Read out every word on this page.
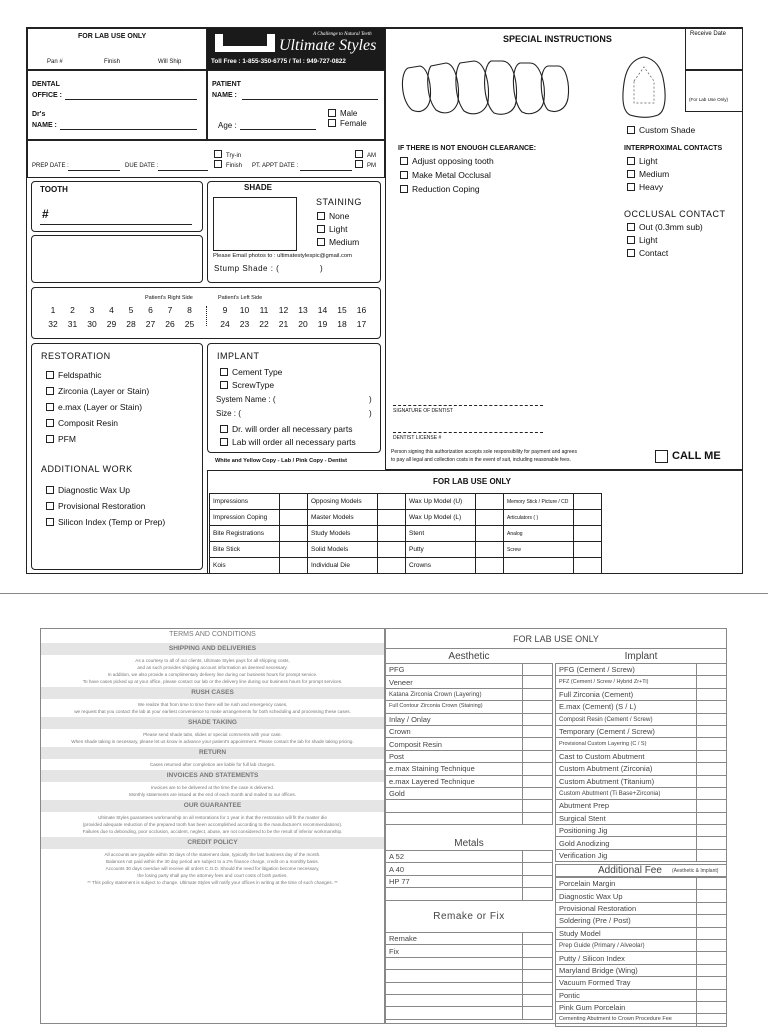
FOR LAB USE ONLY
Pan #	Finish	Will Ship
A Challenge to Natural Teeth
Ultimate Styles
Toll Free : 1-855-350-6775 / Tel : 949-727-0822
DENTAL
OFFICE :
Dr's
NAME :
PATIENT
NAME :
Male
Female
Age :
PREP DATE :	DUE DATE :
Try-in
Finish PT. APPT DATE :
AM
PM
TOOTH
#
SHADE
STAINING
None
Light
Medium
Please Email photos to : ultimatestylespic@gmail.com
Stump Shade : (	)
Patient's Right Side	Patient's Left Side
1	2	3	4	5	6	7	8	9	10	11	12	13	14	15	16
32	31	30	29	28	27	26	25	24	23	22	21	20	19	18	17
RESTORATION
Feldspathic
Zirconia (Layer or Stain)
e.max (Layer or Stain)
Composit Resin
PFM
ADDITIONAL WORK
Diagnostic Wax Up
Provisional Restoration
Silicon Index (Temp or Prep)
IMPLANT
Cement Type
ScrewType
System Name : (	)
Size : (	)
Dr. will order all necessary parts
Lab will order all necessary parts
White and Yellow Copy - Lab / Pink Copy - Dentist
FOR LAB USE ONLY
Impressions		Opposing Models		Wax Up Model (U)		Memory Stick / Picture / CD	
Impression Coping		Master Models		Wax Up Model (L)		Articulators ( )	
Bite Registrations		Study Models		Stent		Analog	
Bite Stick		Solid Models		Putty		Screw	
Kois		Individual Die		Crowns			
SPECIAL INSTRUCTIONS	Receive Date
(For Lab Use Only)
Custom Shade
IF THERE IS NOT ENOUGH CLEARANCE:
Adjust opposing tooth
Make Metal Occlusal
Reduction Coping
INTERPROXIMAL CONTACTS
Light
Medium
Heavy
OCCLUSAL CONTACT
Out (0.3mm sub)
Light
Contact
SIGNATURE OF DENTIST
DENTIST LICENSE #
Person signing this authorization accepts sole responsibility for payment and agrees
to pay all legal and collection costs in the event of suit, including reasonable fees.	CALL ME
TERMS AND CONDITIONS
SHIPPING AND DELIVERIES

As a courtesy to all of our clients, Ultimate Styles pays for all shipping costs,

and as such provides shipping account information as deemed necessary.

In addition, we also provide a complimentary delivery line during our business hours for prompt service.

To have cases picked up at your office, please contact our lab or the delivery line during our business hours for prompt services.

RUSH CASES

We realize that from time to time there will be rush and emergency cases,

we request that you contact the lab at your earliest convenience to make arrangements for both scheduling and processing these cases.

SHADE TAKING

Please send shade tabs, slides or special comments with your case.

When shade taking is necessary, please let us know in advance your patient's appointment. Please contact the lab for shade taking pricing.

RETURN

Cases returned after completion are liable for full lab charges.

INVOICES AND STATEMENTS

Invoices are to be delivered at the time the case is delivered.

Monthly statements are issued at the end of each month and mailed to our offices.

OUR GUARANTEE

Ultimate Styles guarantees workmanship on all restorations for 1 year in that the restoration will fit the master die

(provided adequate reduction of the prepared tooth has been accomplished according to the manufacturer's recommendations).

Failures due to debonding, poor occlusion, accident, neglect, abuse, are not considered to be the result of inferior workmanship.

CREDIT POLICY

All accounts are payable within 30 days of the statement date, typically the last business day of the month.

Balances not paid within the 30 day period are subject to a 2% finance charge, credit on a monthly basis.

Accounts 30 days overdue will receive all orders C.O.D. Should the need for litigation become necessary,

the losing party shall pay the attorney fees and court costs of both parties.

** This policy statement is subject to change. Ultimate Styles will notify your offices in writing at the time of such changes. **

FOR LAB USE ONLY
Aesthetic
PFG	
Veneer	
Katana Zirconia Crown (Layering)	
Full Contour Zirconia Crown (Staining)	
Inlay / Onlay	
Crown	
Composit Resin	
Post	
e.max Staining Technique	
e.max Layered Technique	
Gold	

Metals
A 52	
A 40	
HP 77	

Remake or Fix
Remake	
Fix	

Implant
PFG (Cement / Screw)	
PFZ (Cement / Screw / Hybrid Zr+Ti)	
Full Zirconia (Cement)	
E.max (Cement) (S / L)	
Composit Resin (Cement / Screw)	
Temporary (Cement / Screw)	
Provisional Custom Layering (C / S)	
Cast to Custom Abutment	
Custom Abutment (Zirconia)	
Custom Abutment (Titanium)	
Custom Abutment (Ti Base+Zirconia)	
Abutment Prep	
Surgical Stent	
Positioning Jig	
Gold Anodizing	
Verification Jig	
Additional Fee (Aesthetic & Implant)
Porcelain Margin	
Diagnostic Wax Up	
Provisional Restoration	
Soldering (Pre / Post)	
Study Model	
Prep Guide (Primary / Alveolar)	
Putty / Silicon Index	
Maryland Bridge (Wing)	
Vacuum Formed Tray	
Pontic	
Pink Gum Porcelain	
Cementing Abutment to Crown Procedure Fee	
